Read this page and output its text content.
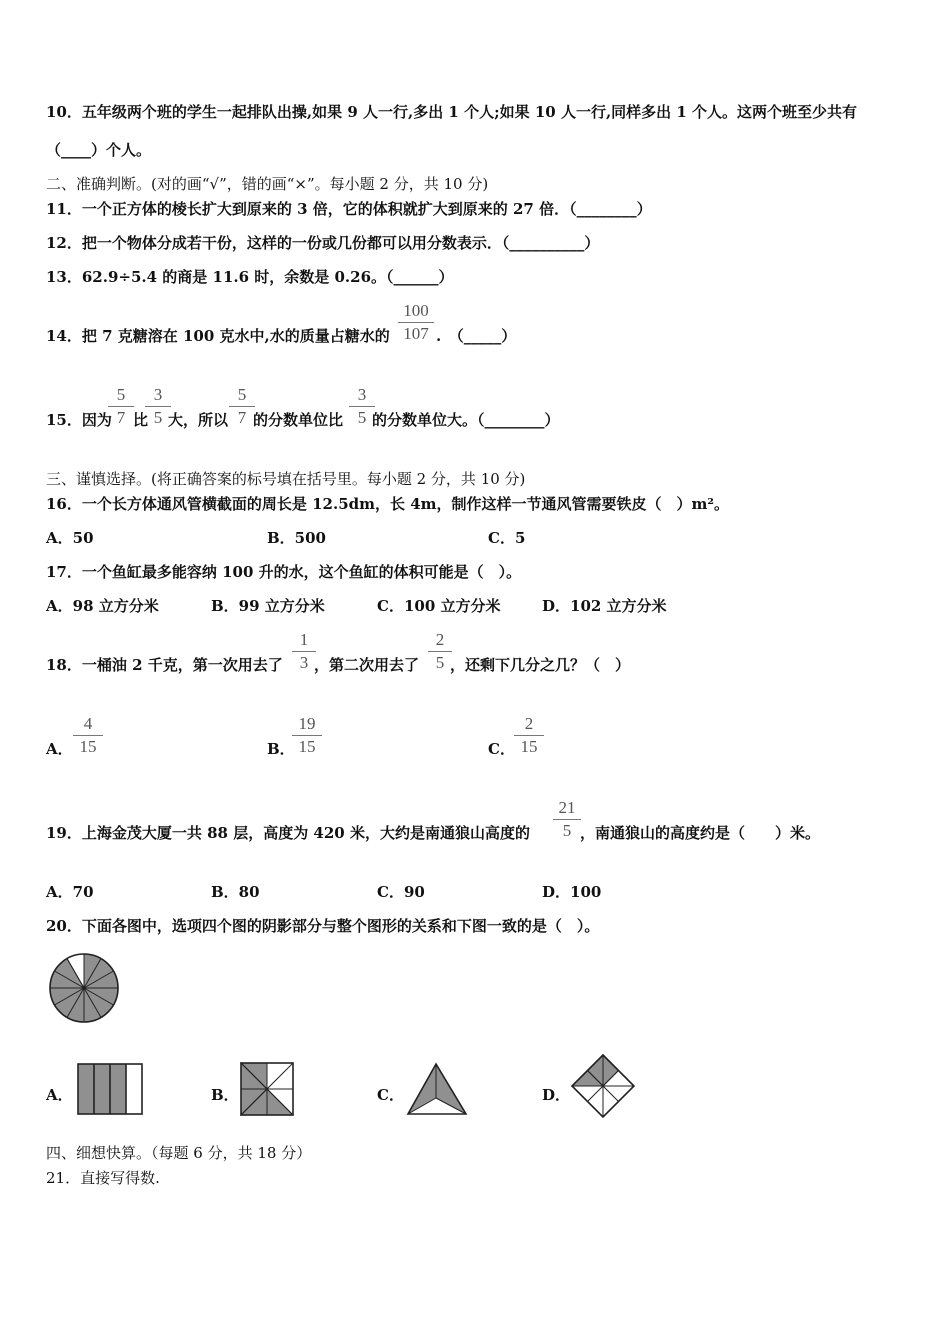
10．五年级两个班的学生一起排队出操,如果 9 人一行,多出 1 个人;如果 10 人一行,同样多出 1 个人。这两个班至少共有
（____）个人。
二、准确判断。(对的画“√”，错的画“×”。每小题 2 分，共 10 分)
11．一个正方体的棱长扩大到原来的 3 倍，它的体积就扩大到原来的 27 倍．（________）
12．把一个物体分成若干份，这样的一份或几份都可以用分数表示．（__________）
13．62.9÷5.4 的商是 11.6 时，余数是 0.26。（______）
14．把 7 克糖溶在 100 克水中,水的质量占糖水的 $\frac{100}{107}$ .　（_____）
15．因为
$\frac{5}{7}$ 比
$\frac{3}{5}$
大，所以 $\frac{5}{7}$
的分数单位比 $\frac{3}{5}$
的分数单位大。（________）
三、谨慎选择。(将正确答案的标号填在括号里。每小题 2 分，共 10 分)
16．一个长方体通风管横截面的周长是 12.5dm，长 4m，制作这样一节通风管需要铁皮（　）m²。
A．50	B．500	C．5
17．一个鱼缸最多能容纳 100 升的水，这个鱼缸的体积可能是（　）。
A．98 立方分米	B．99 立方分米	C．100 立方分米	D．102 立方分米
18．一桶油 2 千克，第一次用去了 $\frac{1}{3}$
，第二次用去了 $\frac{2}{5}$
，还剩下几分之几？（　）
A． $\frac{4}{15}$	B．
$\frac{19}{15}$	C． $\frac{2}{15}$
19．上海金茂大厦一共 88 层，高度为 420 米，大约是南通狼山高度的 $\frac{21}{5}$ ，南通狼山的高度约是（　　）米。
A．70	B．80	C．90	D．100
20．下面各图中，选项四个图的阴影部分与整个图形的关系和下图一致的是（　）。
A．	B．	C．	D．
四、细想快算。（每题 6 分，共 18 分）
21．直接写得数.
